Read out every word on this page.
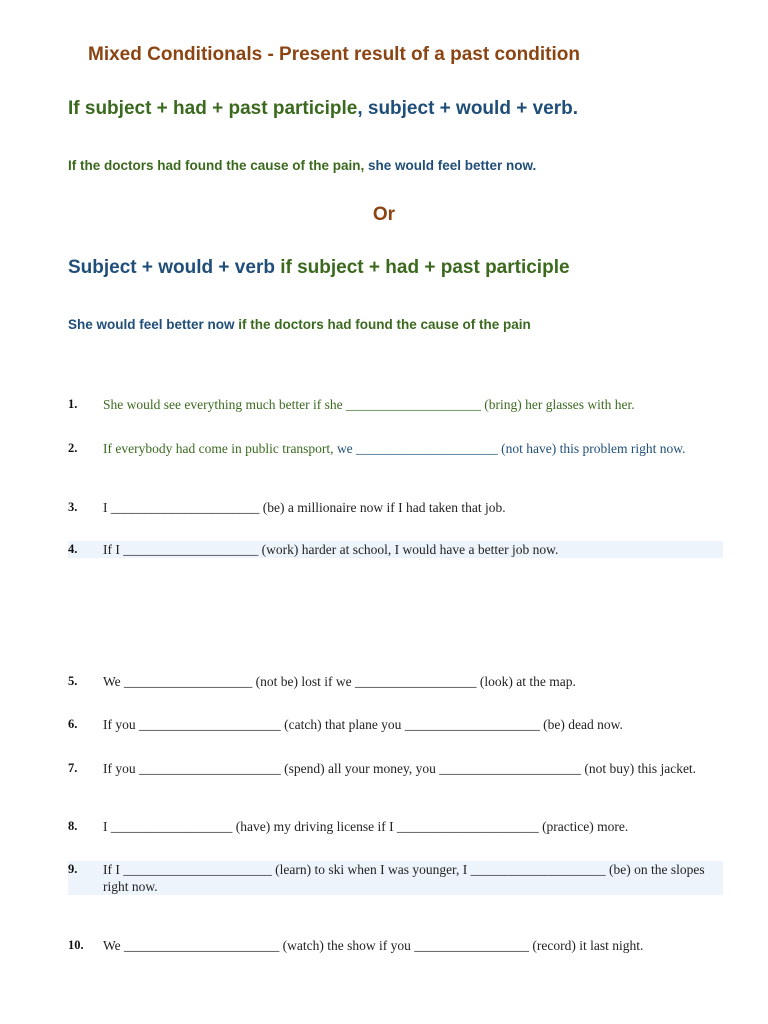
Mixed Conditionals - Present result of a past condition
If subject + had + past participle, subject + would + verb.
If the doctors had found the cause of the pain, she would feel better now.
Or
Subject + would + verb if subject + had + past participle
She would feel better now if the doctors had found the cause of the pain
1. She would see everything much better if she ____________________ (bring) her glasses with her.
2. If everybody had come in public transport, we _____________________ (not have) this problem right now.
3. I ______________________ (be) a millionaire now if I had taken that job.
4. If I ____________________ (work) harder at school, I would have a better job now.
5. We ___________________ (not be) lost if we __________________ (look) at the map.
6. If you _____________________ (catch) that plane you ____________________ (be) dead now.
7. If you _____________________ (spend) all your money, you _____________________ (not buy) this jacket.
8. I __________________ (have) my driving license if I _____________________ (practice) more.
9. If I ______________________ (learn) to ski when I was younger, I ____________________ (be) on the slopes right now.
10. We _______________________ (watch) the show if you _________________ (record) it last night.
